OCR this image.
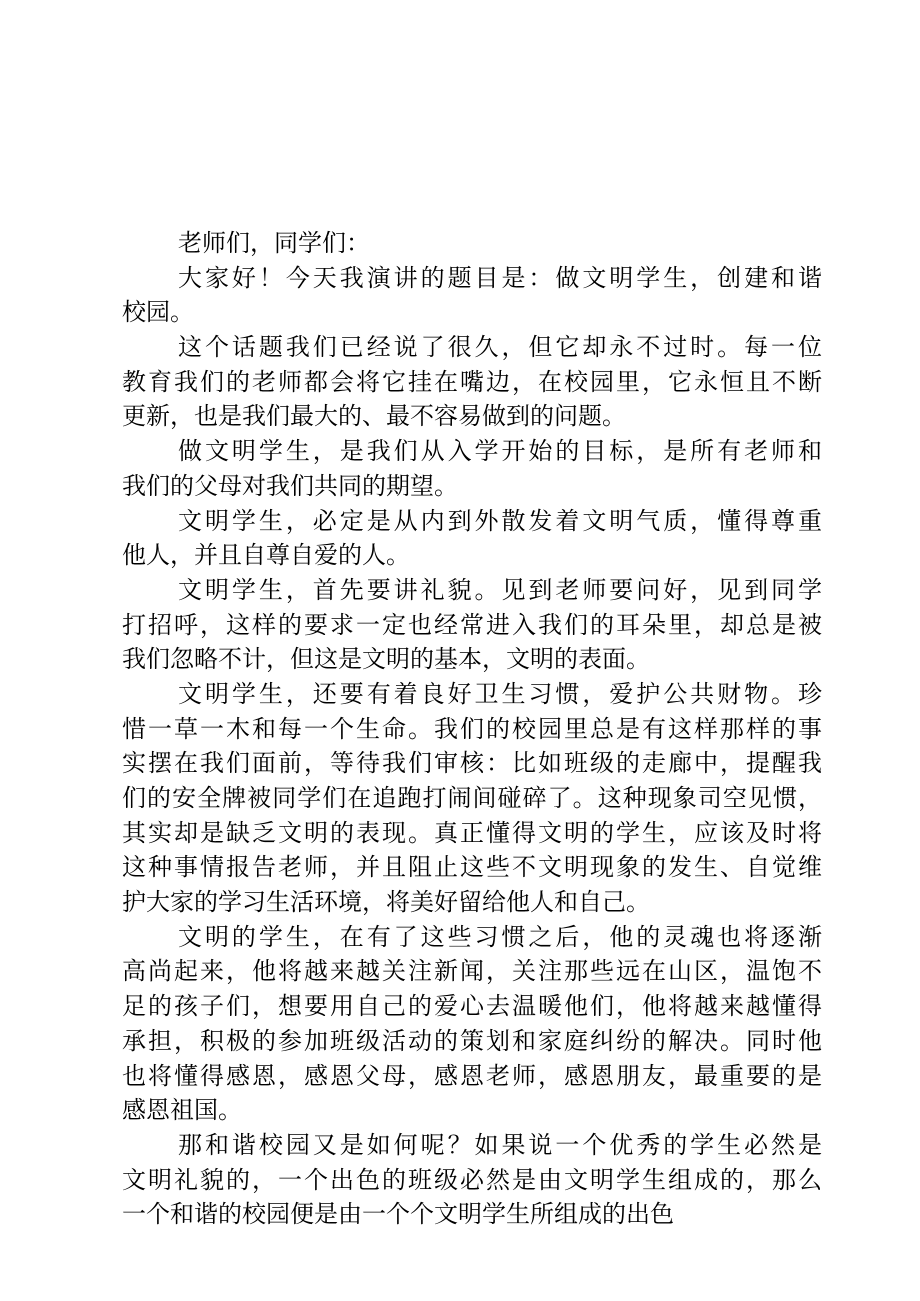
老师们，同学们：
大家好！今天我演讲的题目是：做文明学生，创建和谐
校园。
这个话题我们已经说了很久，但它却永不过时。每一位
教育我们的老师都会将它挂在嘴边，在校园里，它永恒且不断
更新，也是我们最大的、最不容易做到的问题。
做文明学生，是我们从入学开始的目标，是所有老师和
我们的父母对我们共同的期望。
文明学生，必定是从内到外散发着文明气质，懂得尊重
他人，并且自尊自爱的人。
文明学生，首先要讲礼貌。见到老师要问好，见到同学
打招呼，这样的要求一定也经常进入我们的耳朵里，却总是被
我们忽略不计，但这是文明的基本，文明的表面。
文明学生，还要有着良好卫生习惯，爱护公共财物。珍
惜一草一木和每一个生命。我们的校园里总是有这样那样的事
实摆在我们面前，等待我们审核：比如班级的走廊中，提醒我
们的安全牌被同学们在追跑打闹间碰碎了。这种现象司空见惯，
其实却是缺乏文明的表现。真正懂得文明的学生，应该及时将
这种事情报告老师，并且阻止这些不文明现象的发生、自觉维
护大家的学习生活环境，将美好留给他人和自己。
文明的学生，在有了这些习惯之后，他的灵魂也将逐渐
高尚起来，他将越来越关注新闻，关注那些远在山区，温饱不
足的孩子们，想要用自己的爱心去温暖他们，他将越来越懂得
承担，积极的参加班级活动的策划和家庭纠纷的解决。同时他
也将懂得感恩，感恩父母，感恩老师，感恩朋友，最重要的是
感恩祖国。
那和谐校园又是如何呢？如果说一个优秀的学生必然是
文明礼貌的，一个出色的班级必然是由文明学生组成的，那么
一个和谐的校园便是由一个个文明学生所组成的出色
